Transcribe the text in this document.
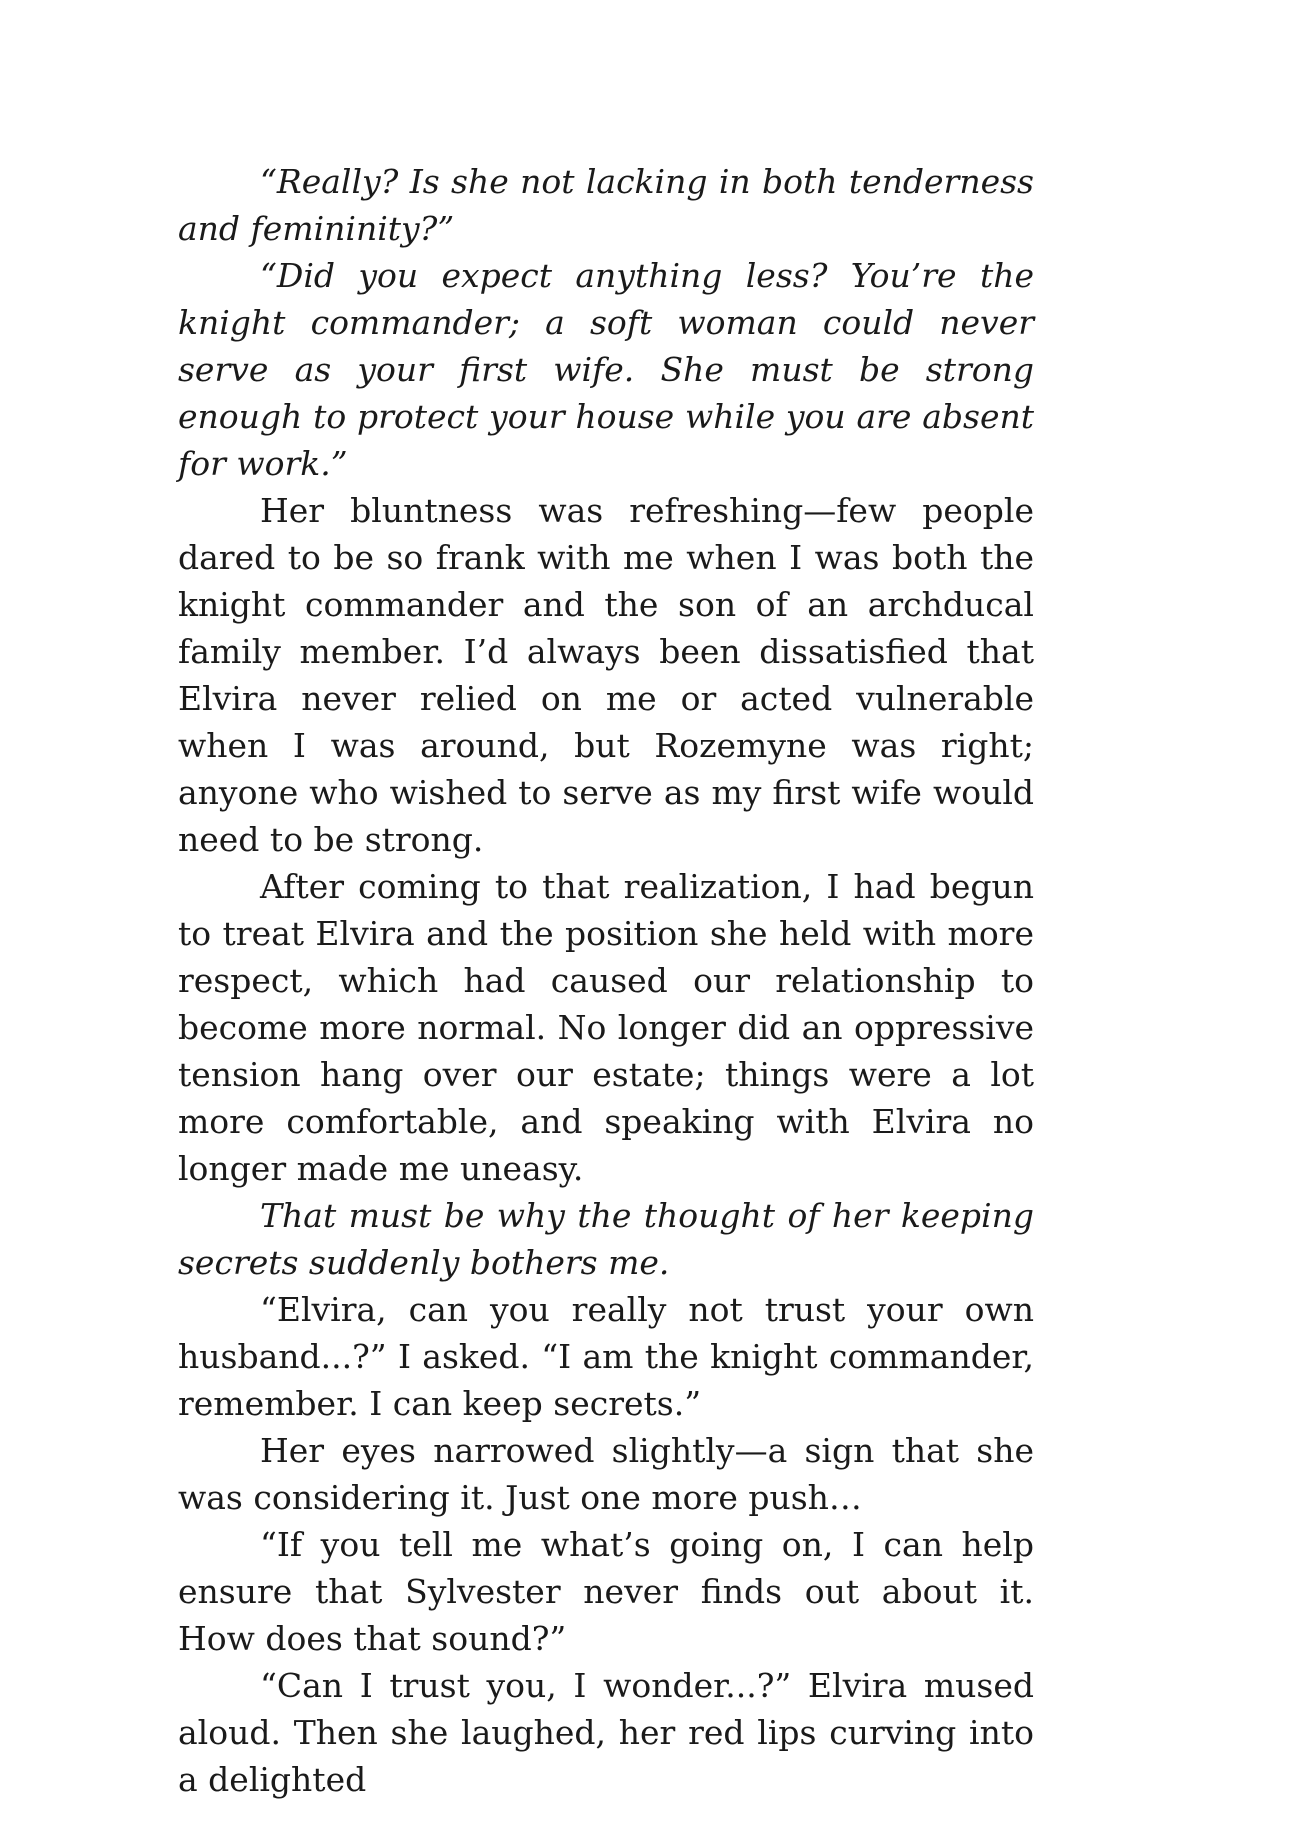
“Really? Is she not lacking in both tenderness and femininity?”

“Did you expect anything less? You’re the knight commander; a soft woman could never serve as your first wife. She must be strong enough to protect your house while you are absent for work.”

Her bluntness was refreshing—few people dared to be so frank with me when I was both the knight commander and the son of an archducal family member. I’d always been dissatisfied that Elvira never relied on me or acted vulnerable when I was around, but Rozemyne was right; anyone who wished to serve as my first wife would need to be strong.

After coming to that realization, I had begun to treat Elvira and the position she held with more respect, which had caused our relationship to become more normal. No longer did an oppressive tension hang over our estate; things were a lot more comfortable, and speaking with Elvira no longer made me uneasy.

That must be why the thought of her keeping secrets suddenly bothers me.

“Elvira, can you really not trust your own husband...?” I asked. “I am the knight commander, remember. I can keep secrets.”

Her eyes narrowed slightly—a sign that she was considering it. Just one more push…

“If you tell me what’s going on, I can help ensure that Sylvester never finds out about it. How does that sound?”

“Can I trust you, I wonder...?” Elvira mused aloud. Then she laughed, her red lips curving into a delighted
